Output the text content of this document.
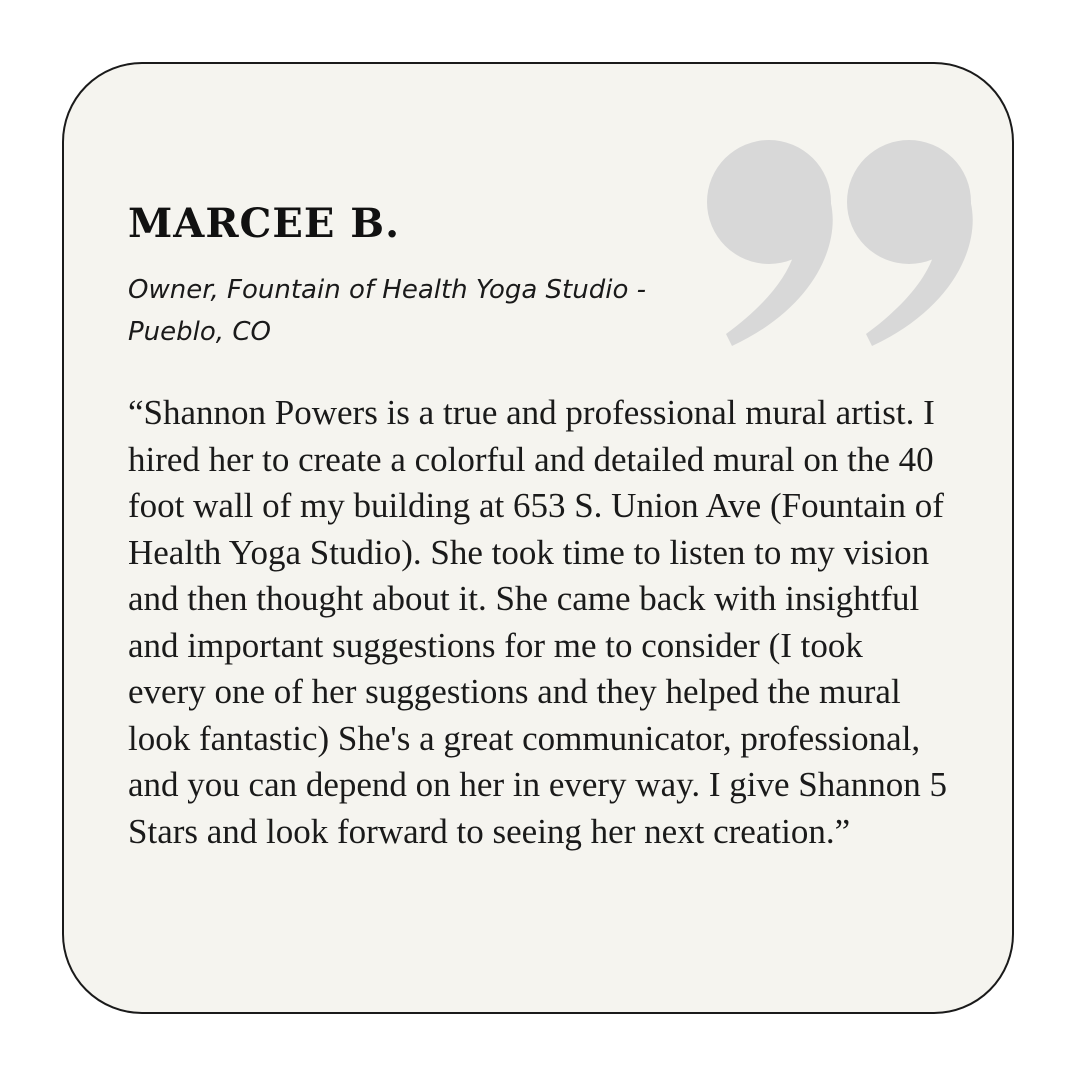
MARCEE B.

Owner, Fountain of Health Yoga Studio - Pueblo, CO

“Shannon Powers is a true and professional mural artist. I hired her to create a colorful and detailed mural on the 40 foot wall of my building at 653 S. Union Ave (Fountain of Health Yoga Studio). She took time to listen to my vision and then thought about it. She came back with insightful and important suggestions for me to consider (I took every one of her suggestions and they helped the mural look fantastic) She's a great communicator, professional, and you can depend on her in every way. I give Shannon 5 Stars and look forward to seeing her next creation.”
